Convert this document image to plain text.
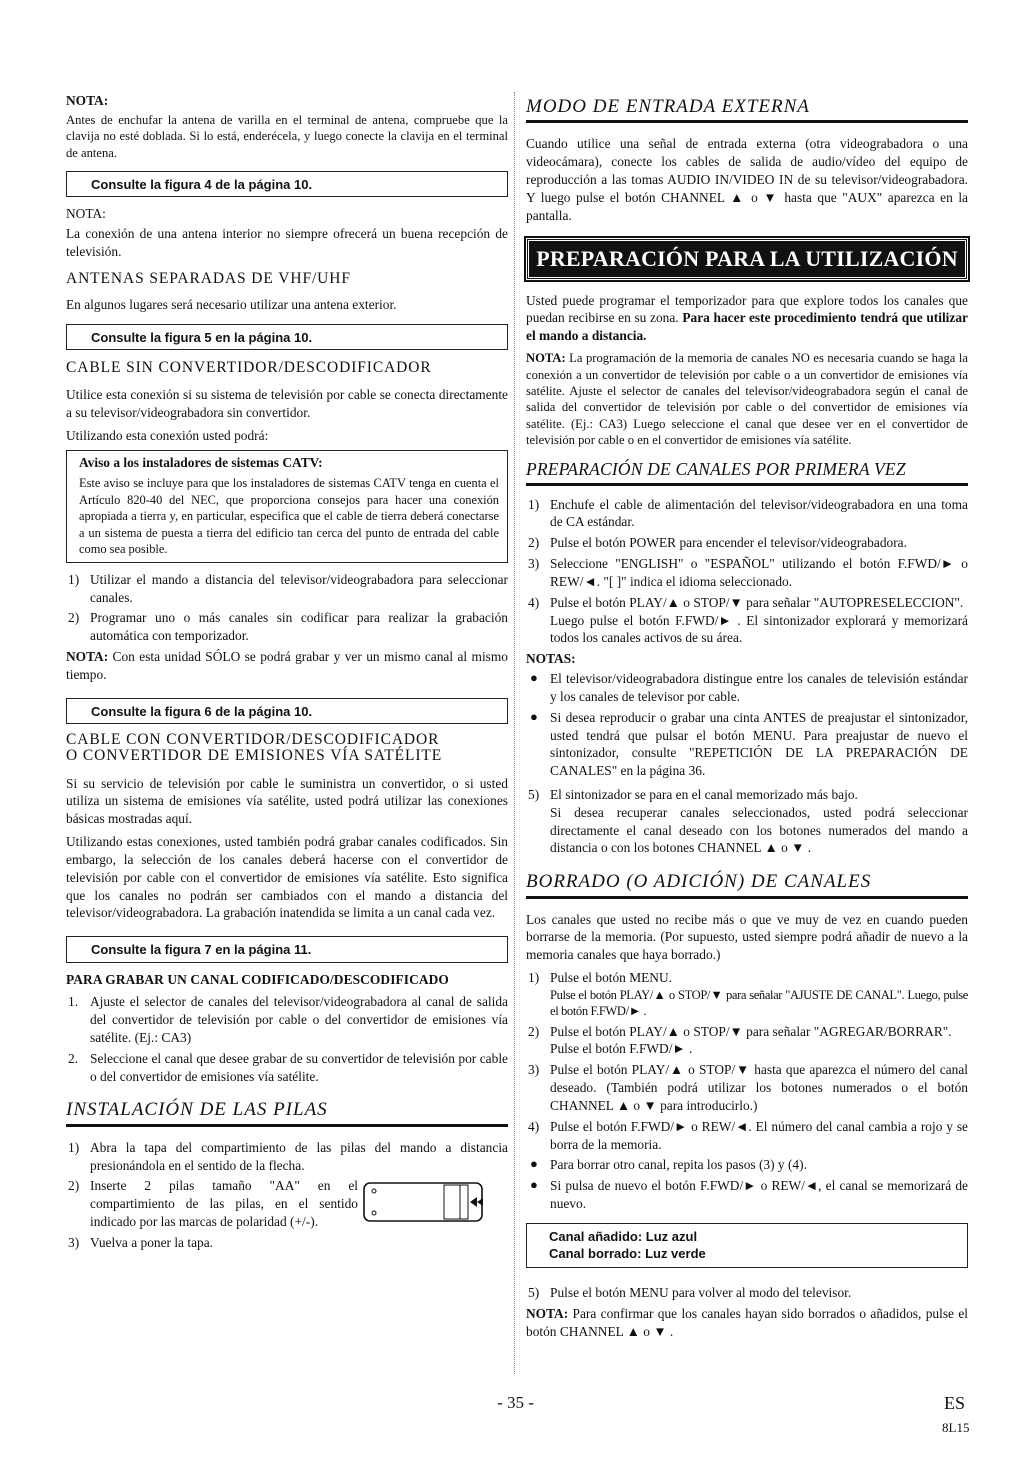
NOTA:

Antes de enchufar la antena de varilla en el terminal de antena, compruebe que la clavija no esté doblada. Si lo está, enderécela, y luego conecte la clavija en el terminal de antena.

Consulte la figura 4 de la página 10.
NOTA:

La conexión de una antena interior no siempre ofrecerá un buena recepción de televisión.

ANTENAS SEPARADAS DE VHF/UHF

En algunos lugares será necesario utilizar una antena exterior.

Consulte la figura 5 en la página 10.
CABLE SIN CONVERTIDOR/DESCODIFICADOR

Utilice esta conexión si su sistema de televisión por cable se conecta directamente a su televisor/videograbadora sin convertidor.

Utilizando esta conexión usted podrá:

Aviso a los instaladores de sistemas CATV:

Este aviso se incluye para que los instaladores de sistemas CATV tenga en cuenta el Artículo 820-40 del NEC, que proporciona consejos para hacer una conexión apropiada a tierra y, en particular, especifica que el cable de tierra deberá conectarse a un sistema de puesta a tierra del edificio tan cerca del punto de entrada del cable como sea posible.

1) Utilizar el mando a distancia del televisor/videograbadora para seleccionar canales.
2) Programar uno o más canales sin codificar para realizar la grabación automática con temporizador.

NOTA: Con esta unidad SÓLO se podrá grabar y ver un mismo canal al mismo tiempo.

Consulte la figura 6 de la página 10.
CABLE CON CONVERTIDOR/DESCODIFICADOR
O CONVERTIDOR DE EMISIONES VÍA SATÉLITE

Si su servicio de televisión por cable le suministra un convertidor, o si usted utiliza un sistema de emisiones vía satélite, usted podrá utilizar las conexiones básicas mostradas aquí.

Utilizando estas conexiones, usted también podrá grabar canales codificados. Sin embargo, la selección de los canales deberá hacerse con el convertidor de televisión por cable con el convertidor de emisiones vía satélite. Esto significa que los canales no podrán ser cambiados con el mando a distancia del televisor/videograbadora. La grabación inatendida se limita a un canal cada vez.

Consulte la figura 7 en la página 11.
PARA GRABAR UN CANAL CODIFICADO/DESCODIFICADO
1. Ajuste el selector de canales del televisor/videograbadora al canal de salida del convertidor de televisión por cable o del convertidor de emisiones vía satélite. (Ej.: CA3)
2. Seleccione el canal que desee grabar de su convertidor de televisión por cable o del convertidor de emisiones vía satélite.
INSTALACIÓN DE LAS PILAS
1) Abra la tapa del compartimiento de las pilas del mando a distancia presionándola en el sentido de la flecha.
2) Inserte 2 pilas tamaño "AA" en el compartimiento de las pilas, en el sentido indicado por las marcas de polaridad (+/-).
3) Vuelva a poner la tapa.
MODO DE ENTRADA EXTERNA

Cuando utilice una señal de entrada externa (otra videograbadora o una videocámara), conecte los cables de salida de audio/vídeo del equipo de reproducción a las tomas AUDIO IN/VIDEO IN de su televisor/videograbadora. Y luego pulse el botón CHANNEL ▲ o ▼ hasta que "AUX" aparezca en la pantalla.

PREPARACIÓN PARA LA UTILIZACIÓN

Usted puede programar el temporizador para que explore todos los canales que puedan recibirse en su zona. Para hacer este procedimiento tendrá que utilizar el mando a distancia.

NOTA: La programación de la memoria de canales NO es necesaria cuando se haga la conexión a un convertidor de televisión por cable o a un convertidor de emisiones vía satélite. Ajuste el selector de canales del televisor/videograbadora según el canal de salida del convertidor de televisión por cable o del convertidor de emisiones vía satélite. (Ej.: CA3) Luego seleccione el canal que desee ver en el convertidor de televisión por cable o en el convertidor de emisiones vía satélite.

PREPARACIÓN DE CANALES POR PRIMERA VEZ
1) Enchufe el cable de alimentación del televisor/videograbadora en una toma de CA estándar.
2) Pulse el botón POWER para encender el televisor/videograbadora.
3) Seleccione "ENGLISH" o "ESPAÑOL" utilizando el botón F.FWD/► o REW/◄. "[ ]" indica el idioma seleccionado.
4) Pulse el botón PLAY/▲ o STOP/▼ para señalar "AUTOPRESELECCION".
Luego pulse el botón F.FWD/► . El sintonizador explorará y memorizará todos los canales activos de su área.
NOTAS:
● El televisor/videograbadora distingue entre los canales de televisión estándar y los canales de televisor por cable.
● Si desea reproducir o grabar una cinta ANTES de preajustar el sintonizador, usted tendrá que pulsar el botón MENU. Para preajustar de nuevo el sintonizador, consulte "REPETICIÓN DE LA PREPARACIÓN DE CANALES" en la página 36.
5) El sintonizador se para en el canal memorizado más bajo.
Si desea recuperar canales seleccionados, usted podrá seleccionar directamente el canal deseado con los botones numerados del mando a distancia o con los botones CHANNEL ▲ o ▼ .
BORRADO (O ADICIÓN) DE CANALES

Los canales que usted no recibe más o que ve muy de vez en cuando pueden borrarse de la memoria. (Por supuesto, usted siempre podrá añadir de nuevo a la memoria canales que haya borrado.)

1) Pulse el botón MENU.
Pulse el botón PLAY/▲ o STOP/▼ para señalar "AJUSTE DE CANAL". Luego, pulse el botón F.FWD/► .
2) Pulse el botón PLAY/▲ o STOP/▼ para señalar "AGREGAR/BORRAR".
Pulse el botón F.FWD/► .
3) Pulse el botón PLAY/▲ o STOP/▼ hasta que aparezca el número del canal deseado. (También podrá utilizar los botones numerados o el botón CHANNEL ▲ o ▼ para introducirlo.)
4) Pulse el botón F.FWD/► o REW/◄. El número del canal cambia a rojo y se borra de la memoria.
● Para borrar otro canal, repita los pasos (3) y (4).
● Si pulsa de nuevo el botón F.FWD/► o REW/◄, el canal se memorizará de nuevo.
Canal añadido: Luz azul
Canal borrado: Luz verde
5) Pulse el botón MENU para volver al modo del televisor.

NOTA: Para confirmar que los canales hayan sido borrados o añadidos, pulse el botón CHANNEL ▲ o ▼ .

- 35 -	ES
8L15
